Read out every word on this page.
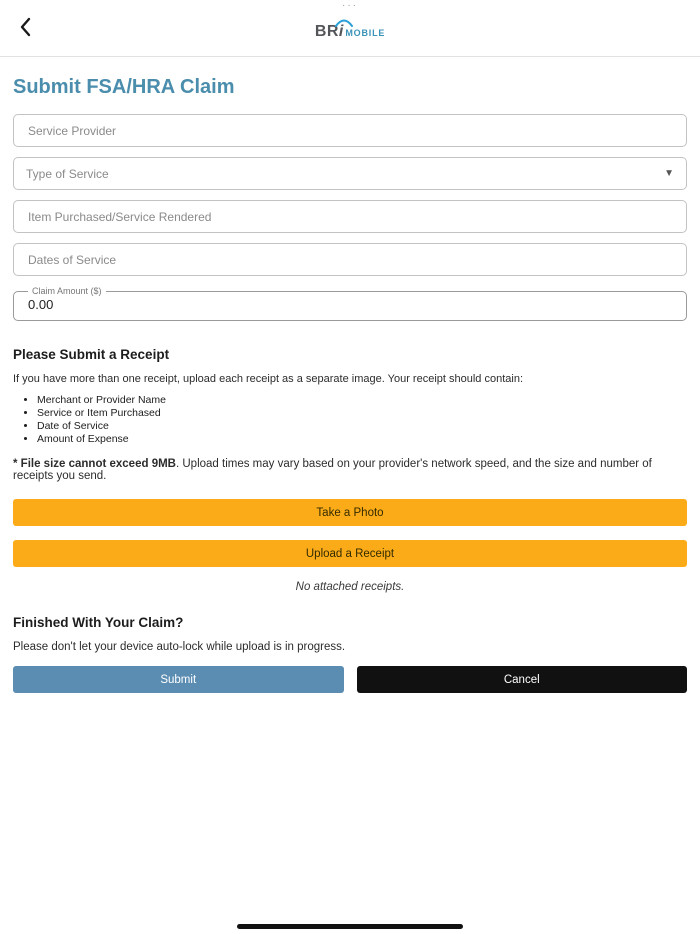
···
BR i MOBILE
Submit FSA/HRA Claim
Service Provider
Type of Service	▼
Item Purchased/Service Rendered
Dates of Service
Claim Amount ($)
0.00
Please Submit a Receipt

If you have more than one receipt, upload each receipt as a separate image. Your receipt should contain:

• Merchant or Provider Name
• Service or Item Purchased
• Date of Service
• Amount of Expense

* File size cannot exceed 9MB. Upload times may vary based on your provider's network speed, and the size and number of receipts you send.

Take a Photo
Upload a Receipt

No attached receipts.

Finished With Your Claim?

Please don't let your device auto-lock while upload is in progress.

Submit	Cancel
